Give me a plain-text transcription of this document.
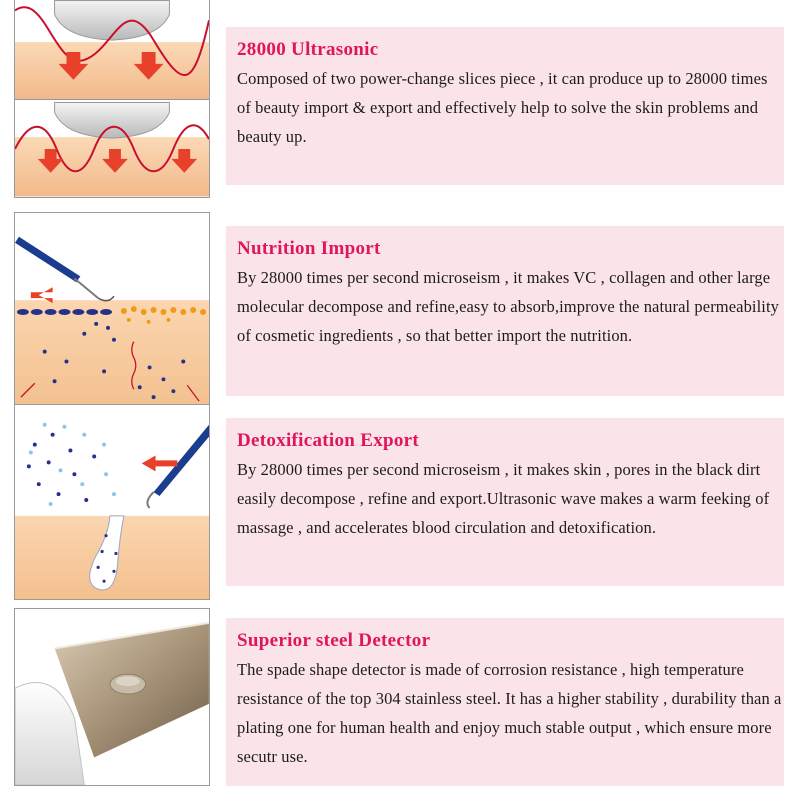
28000 Ultrasonic

Composed of two power-change slices piece , it can produce up to 28000 times of beauty import & export and effectively help to solve the skin problems and beauty up.

Nutrition Import

By 28000 times per second microseism , it makes VC , collagen and other large molecular decompose and refine,easy to absorb,improve the natural permeability of cosmetic ingredients , so that better import the nutrition.

Detoxification Export

By 28000 times per second microseism , it makes skin , pores in the black dirt easily decompose , refine and export.Ultrasonic wave makes a warm feeking of massage , and accelerates blood circulation and detoxification.

Superior steel Detector

The spade shape detector is made of corrosion resistance , high temperature resistance of the top 304 stainless steel. It has a higher stability , durability than a plating one for human health and enjoy much stable output , which ensure more secutr use.
